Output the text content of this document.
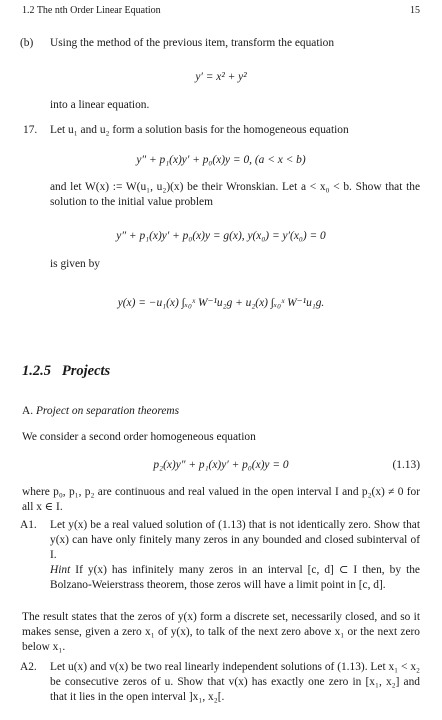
1.2 The nth Order Linear Equation	15

(b) Using the method of the previous item, transform the equation

y′ = x² + y²

into a linear equation.

17. Let u₁ and u₂ form a solution basis for the homogeneous equation

y″ + p₁(x)y′ + p₀(x)y = 0, (a < x < b)

and let W(x) := W(u₁, u₂)(x) be their Wronskian. Let a < x₀ < b. Show that the solution to the initial value problem

y″ + p₁(x)y′ + p₀(x)y = g(x), y(x₀) = y′(x₀) = 0

is given by

y(x) = −u₁(x) ∫ₓ₀ˣ W⁻¹u₂g + u₂(x) ∫ₓ₀ˣ W⁻¹u₁g.

1.2.5 Projects

A. Project on separation theorems

We consider a second order homogeneous equation

p₂(x)y″ + p₁(x)y′ + p₀(x)y = 0	(1.13)

where p₀, p₁, p₂ are continuous and real valued in the open interval I and p₂(x) ≠ 0 for all x ∈ I.

A1. Let y(x) be a real valued solution of (1.13) that is not identically zero. Show that y(x) can have only finitely many zeros in any bounded and closed subinterval of I.
Hint If y(x) has infinitely many zeros in an interval [c, d] ⊂ I then, by the Bolzano-Weierstrass theorem, those zeros will have a limit point in [c, d].

The result states that the zeros of y(x) form a discrete set, necessarily closed, and so it makes sense, given a zero x₁ of y(x), to talk of the next zero above x₁ or the next zero below x₁.

A2. Let u(x) and v(x) be two real linearly independent solutions of (1.13). Let x₁ < x₂ be consecutive zeros of u. Show that v(x) has exactly one zero in [x₁, x₂] and that it lies in the open interval ]x₁, x₂[.
